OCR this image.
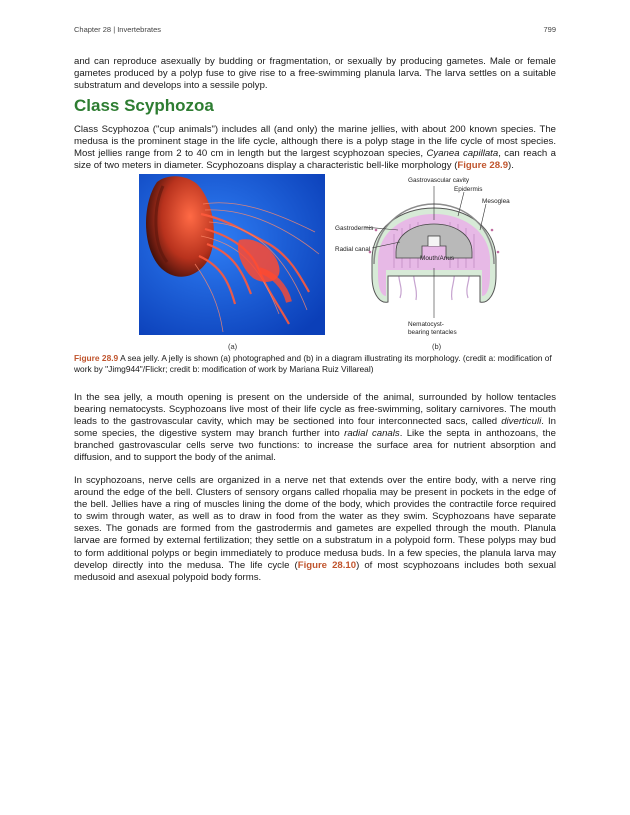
Chapter 28 | Invertebrates	799

and can reproduce asexually by budding or fragmentation, or sexually by producing gametes. Male or female gametes produced by a polyp fuse to give rise to a free-swimming planula larva. The larva settles on a suitable substratum and develops into a sessile polyp.

Class Scyphozoa

Class Scyphozoa ("cup animals") includes all (and only) the marine jellies, with about 200 known species. The medusa is the prominent stage in the life cycle, although there is a polyp stage in the life cycle of most species. Most jellies range from 2 to 40 cm in length but the largest scyphozoan species, Cyanea capillata, can reach a size of two meters in diameter. Scyphozoans display a characteristic bell-like morphology (Figure 28.9).

Gastrovascular cavity
Epidermis
Mesoglea
Gastrodermis
Radial canal
Mouth/Anus
Nematocyst-
bearing tentacles
(a)	(b)

Figure 28.9 A sea jelly. A jelly is shown (a) photographed and (b) in a diagram illustrating its morphology. (credit a: modification of work by "Jimg944"/Flickr; credit b: modification of work by Mariana Ruiz Villareal)

In the sea jelly, a mouth opening is present on the underside of the animal, surrounded by hollow tentacles bearing nematocysts. Scyphozoans live most of their life cycle as free-swimming, solitary carnivores. The mouth leads to the gastrovascular cavity, which may be sectioned into four interconnected sacs, called diverticuli. In some species, the digestive system may branch further into radial canals. Like the septa in anthozoans, the branched gastrovascular cells serve two functions: to increase the surface area for nutrient absorption and diffusion, and to support the body of the animal.

In scyphozoans, nerve cells are organized in a nerve net that extends over the entire body, with a nerve ring around the edge of the bell. Clusters of sensory organs called rhopalia may be present in pockets in the edge of the bell. Jellies have a ring of muscles lining the dome of the body, which provides the contractile force required to swim through water, as well as to draw in food from the water as they swim. Scyphozoans have separate sexes. The gonads are formed from the gastrodermis and gametes are expelled through the mouth. Planula larvae are formed by external fertilization; they settle on a substratum in a polypoid form. These polyps may bud to form additional polyps or begin immediately to produce medusa buds. In a few species, the planula larva may develop directly into the medusa. The life cycle (Figure 28.10) of most scyphozoans includes both sexual medusoid and asexual polypoid body forms.
